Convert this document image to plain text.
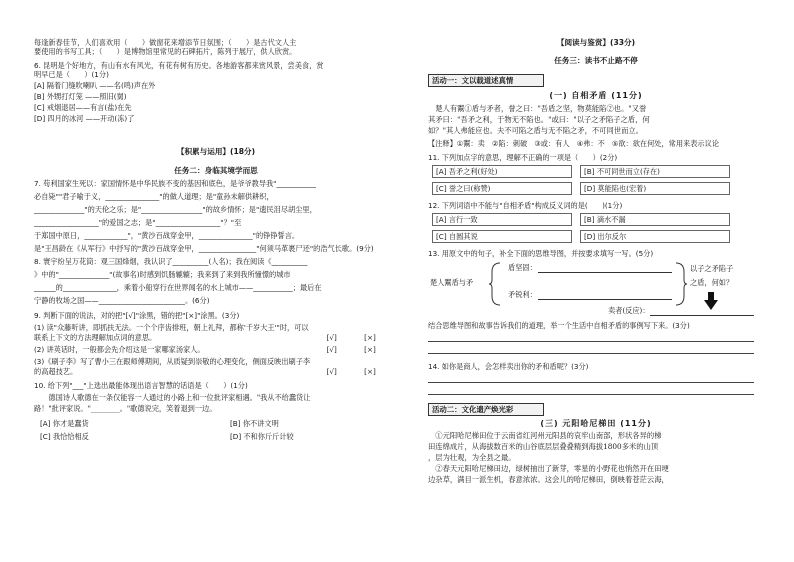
每逢新春佳节，人们喜欢用（　　）做窗花来增添节日氛围；（　　）是古代文人主

要使用的书写工具；（　　）是博物馆里常见的石碑拓片，陈列于展厅，供人欣赏。

6. 昆明是个好地方，有山有水有风光，有花有树有历史。各地游客都来赏风景，尝美食，赏

明早已是（　　）(1分)

[A] 隔着门缝吹喇叭 ——名(鸣)声在外

[B] 外甥打灯笼 ——照旧(舅)

[C] 戒烟退居——有言(盐)在先

[D] 四月的冰河 ——开动(冻)了

【积累与运用】(18分)

任务二：身临其境学而思

7. 苟利国家生死以：家国情怀是中华民族不变的基因和底色，是爷爷教导我"___________

必自毙""君子喻于义，_______________"的做人道理；是"童孙未解供耕织，

______________"的天伦之乐；是"_________________"的故乡情怀；是"遗民泪尽胡尘里，

__________________"的爱国之志；是"__________________"？"至

于郑国中原日，____________"，"黄沙百战穿金甲，_______________"的铮铮誓言。

是"王昌龄在《从军行》中抒写的"黄沙百战穿金甲，________________"何须马革裹尸还"的浩气长歌。(9分)

8. 寰宇纷呈万花筒：观三国烽烟，我认识了__________(人名)；我在阅读《__________

》中的"______________"(故事名)时感到饥肠辘辘；我来到了来到我所憧憬的城市

______的_______________，乘着小船穿行在世界闻名的水上城市——___________；最后在

宁静的牧场之国——________________________。(6分)

9. 判断下面的说法，对的把"[√]"涂黑，错的把"[×]"涂黑。(3分)

(1) 读"众藤听讲，即抓扶无法。一个个序齿排班，朝上礼拜，都称'千岁大王'"时，可以

联系上下文的方法理解加点词的意思。	[√]	[×]
(2) 讲英话时，一般都会先介绍这是一家哪家汤家人。	[√]	[×]

(3)《刷子李》写了曹小三在跟师傅期间，从质疑到崇敬的心理变化，侧面反映出刷子李

的高超技艺。	[√]	[×]

10. 给下列"___"上选出最能体现出语言智慧的话语是（　　）(1分)

　　德国诗人歌德在一条仅能容一人通过的小路上和一位批评家相遇。"我从不给蠢货让

路！"批评家说。"________。"歌德说完，笑着退到一边。

[A] 你才是蠢货	[B] 你不讲文明
[C] 我恰恰相反	[D] 不和你斤斤计较

【阅读与鉴赏】(33分)

任务三：读书不止路不停

活动一：文以载道述真情

(一) 自相矛盾 (11分)

　楚人有鬻①盾与矛者，誉之曰："吾盾之坚，物莫能陷②也。"又誉

其矛曰："吾矛之利，于物无不陷也。"或曰："以子之矛陷子之盾，何

如？"其人弗能应也。夫不可陷之盾与无不陷之矛，不可同世而立。

【注释】①鬻：卖　②陷：刺破　③或：有人　④弗：不　⑤欲：欲在何处，常用来表示议论

11. 下列加点字的意思，理解不正确的一项是（　　）(2分)

[A] 吾矛之利(好处)	[B] 不可同世而立(存在)
[C] 誉之曰(称赞)	[D] 莫能陷也(宏着)

12. 下列词语中不能与"自相矛盾"构成反义词的是(　　)(1分)

[A] 言行一致	[B] 滴水不漏
[C] 自圆其说	[D] 出尔反尔

13. 用原文中的句子，补全下面的思维导图，并按要求填写一写。(5分)

楚人鬻盾与矛
盾坚固：
矛锐利：
以子之矛陷子
之盾，何如？
卖者(反应)：

结合思维导图和故事告诉我们的道理，举一个生活中自相矛盾的事例写下来。(3分)

14. 如你是商人，会怎样卖出你的矛和盾呢？(3分)

活动二：文化遗产焕光彩

(三) 元阳哈尼梯田 (11分)

　①元阳哈尼梯田位于云南省红河州元阳县的哀牢山南部，形状各异的梯

田连绵成片，从海拔数百米的山谷底层层叠叠精到海拔1800多米的山顶

，层为壮观，为全县之最。

　②春天元阳哈尼梯田边，绿树抽出了新芽，零星的小野花也悄然开在田埂

边杂草，满目一派生机，春意浓浓。这会儿的哈尼梯田，倒映着苍茫云海，
